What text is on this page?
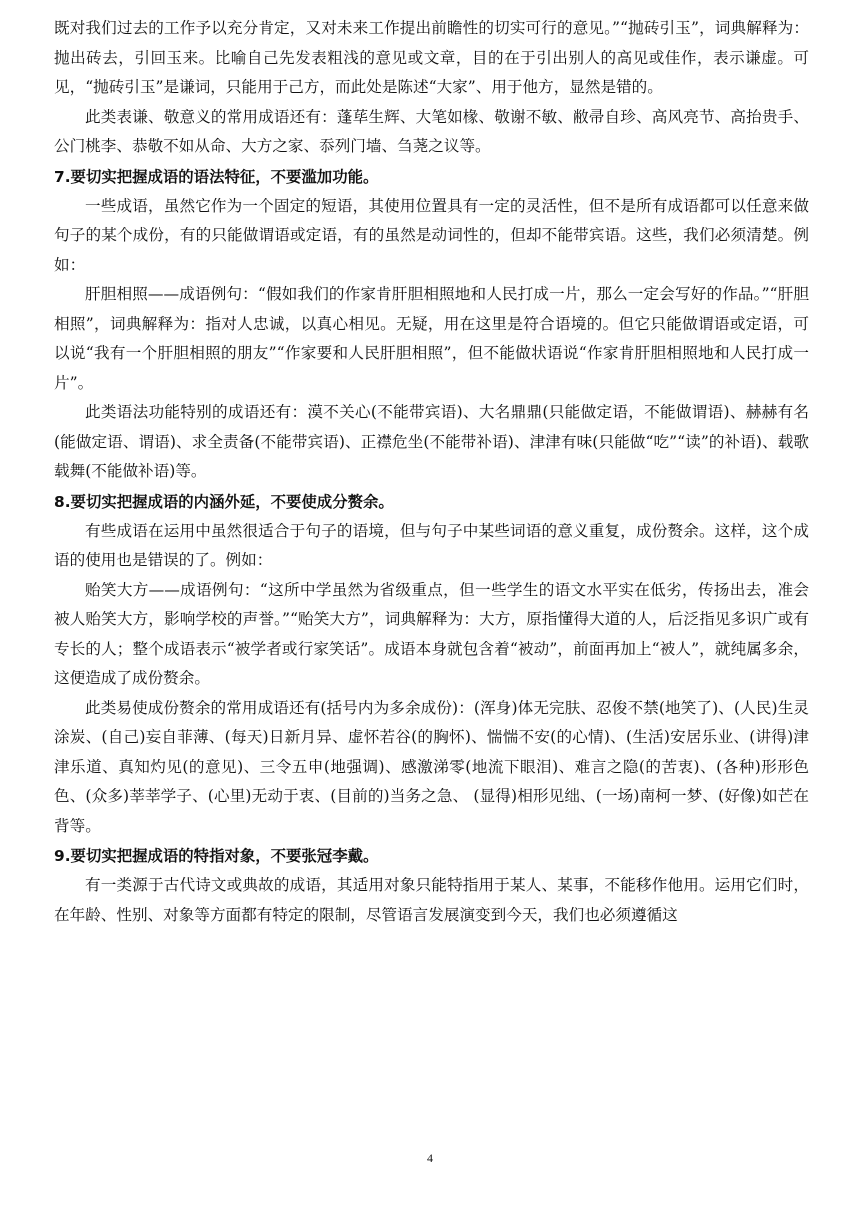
既对我们过去的工作予以充分肯定，又对未来工作提出前瞻性的切实可行的意见。”“抛砖引玉”，词典解释为：抛出砖去，引回玉来。比喻自己先发表粗浅的意见或文章，目的在于引出别人的高见或佳作，表示谦虚。可见，“抛砖引玉”是谦词，只能用于己方，而此处是陈述“大家”、用于他方，显然是错的。

此类表谦、敬意义的常用成语还有：蓬荜生辉、大笔如椽、敬谢不敏、敝帚自珍、高风亮节、高抬贵手、公门桃李、恭敬不如从命、大方之家、忝列门墙、刍荛之议等。

7.要切实把握成语的语法特征，不要滥加功能。

一些成语，虽然它作为一个固定的短语，其使用位置具有一定的灵活性，但不是所有成语都可以任意来做句子的某个成份，有的只能做谓语或定语，有的虽然是动词性的，但却不能带宾语。这些，我们必须清楚。例如：

肝胆相照——成语例句：“假如我们的作家肯肝胆相照地和人民打成一片，那么一定会写好的作品。”“肝胆相照”，词典解释为：指对人忠诚，以真心相见。无疑，用在这里是符合语境的。但它只能做谓语或定语，可以说“我有一个肝胆相照的朋友”“作家要和人民肝胆相照”，但不能做状语说“作家肯肝胆相照地和人民打成一片”。

此类语法功能特别的成语还有：漠不关心(不能带宾语)、大名鼎鼎(只能做定语，不能做谓语)、赫赫有名(能做定语、谓语)、求全责备(不能带宾语)、正襟危坐(不能带补语)、津津有味(只能做“吃”“读”的补语)、载歌载舞(不能做补语)等。

8.要切实把握成语的内涵外延，不要使成分赘余。

有些成语在运用中虽然很适合于句子的语境，但与句子中某些词语的意义重复，成份赘余。这样，这个成语的使用也是错误的了。例如：

贻笑大方——成语例句：“这所中学虽然为省级重点，但一些学生的语文水平实在低劣，传扬出去，准会被人贻笑大方，影响学校的声誉。”“贻笑大方”，词典解释为：大方，原指懂得大道的人，后泛指见多识广或有专长的人；整个成语表示“被学者或行家笑话”。成语本身就包含着“被动”，前面再加上“被人”，就纯属多余，这便造成了成份赘余。

此类易使成份赘余的常用成语还有(括号内为多余成份)：(浑身)体无完肤、忍俊不禁(地笑了)、(人民)生灵涂炭、(自己)妄自菲薄、(每天)日新月异、虚怀若谷(的胸怀)、惴惴不安(的心情)、(生活)安居乐业、(讲得)津津乐道、真知灼见(的意见)、三令五申(地强调)、感激涕零(地流下眼泪)、难言之隐(的苦衷)、(各种)形形色色、(众多)莘莘学子、(心里)无动于衷、(目前的)当务之急、 (显得)相形见绌、(一场)南柯一梦、(好像)如芒在背等。

9.要切实把握成语的特指对象，不要张冠李戴。

有一类源于古代诗文或典故的成语，其适用对象只能特指用于某人、某事，不能移作他用。运用它们时，在年龄、性别、对象等方面都有特定的限制，尽管语言发展演变到今天，我们也必须遵循这

4
